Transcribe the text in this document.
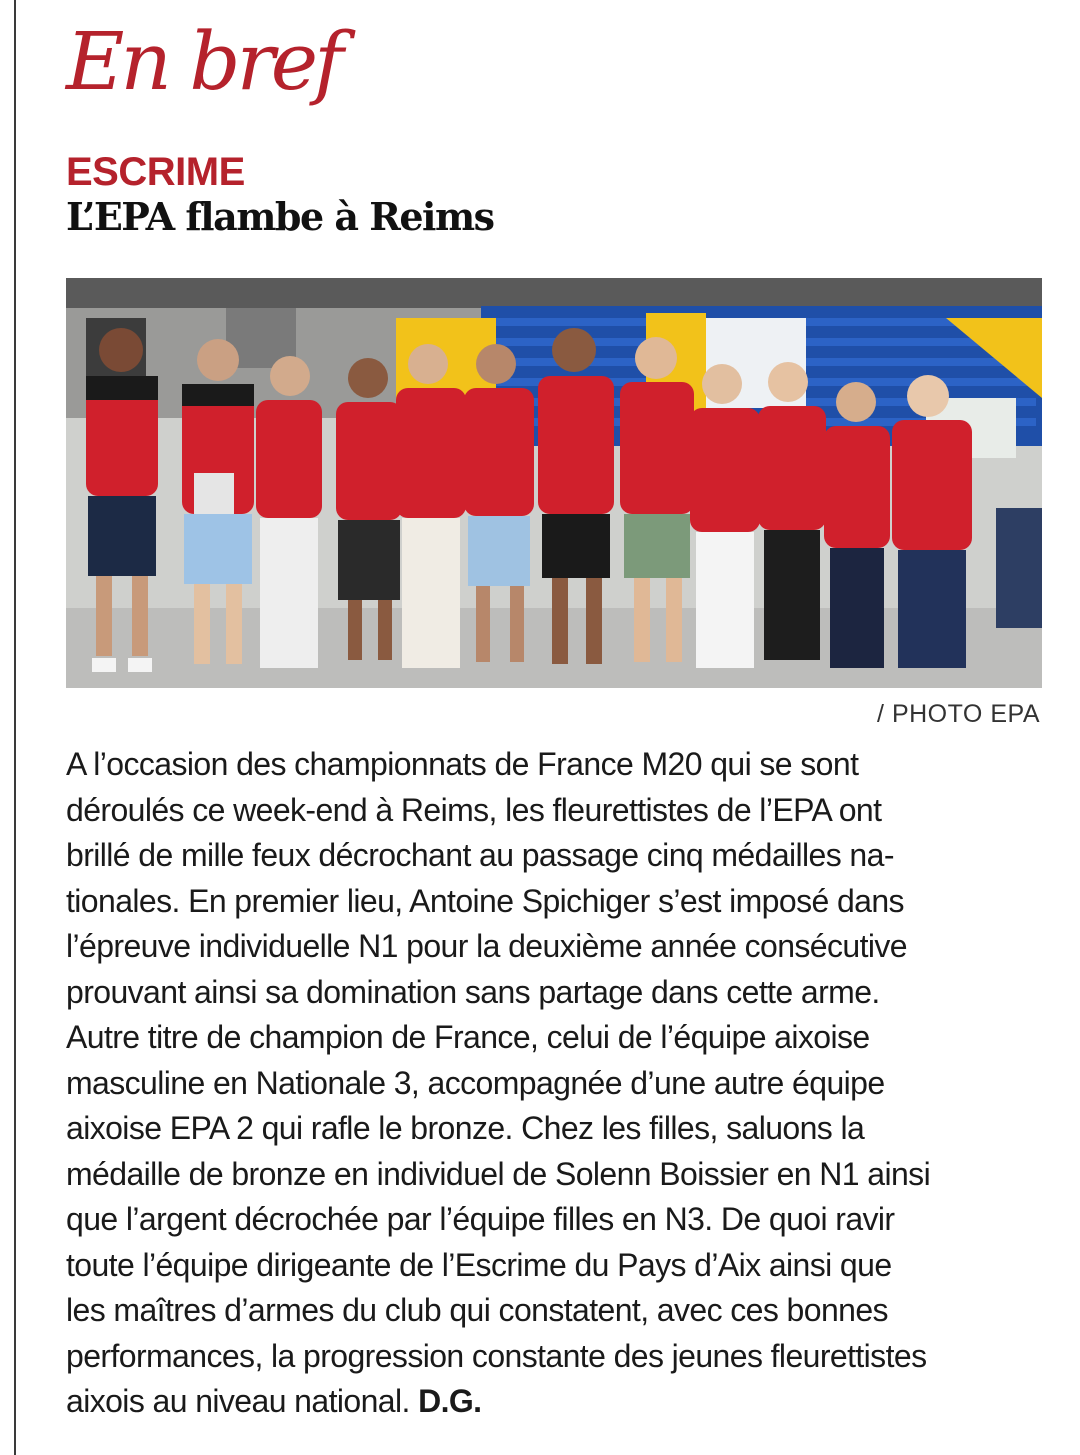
En bref
ESCRIME
L’EPA flambe à Reims
/ PHOTO EPA

A l’occasion des championnats de France M20 qui se sont
déroulés ce week-end à Reims, les fleurettistes de l’EPA ont
brillé de mille feux décrochant au passage cinq médailles na-
tionales. En premier lieu, Antoine Spichiger s’est imposé dans
l’épreuve individuelle N1 pour la deuxième année consécutive
prouvant ainsi sa domination sans partage dans cette arme.
Autre titre de champion de France, celui de l’équipe aixoise
masculine en Nationale 3, accompagnée d’une autre équipe
aixoise EPA 2 qui rafle le bronze. Chez les filles, saluons la
médaille de bronze en individuel de Solenn Boissier en N1 ainsi
que l’argent décrochée par l’équipe filles en N3. De quoi ravir
toute l’équipe dirigeante de l’Escrime du Pays d’Aix ainsi que
les maîtres d’armes du club qui constatent, avec ces bonnes
performances, la progression constante des jeunes fleurettistes
aixois au niveau national. D.G.
